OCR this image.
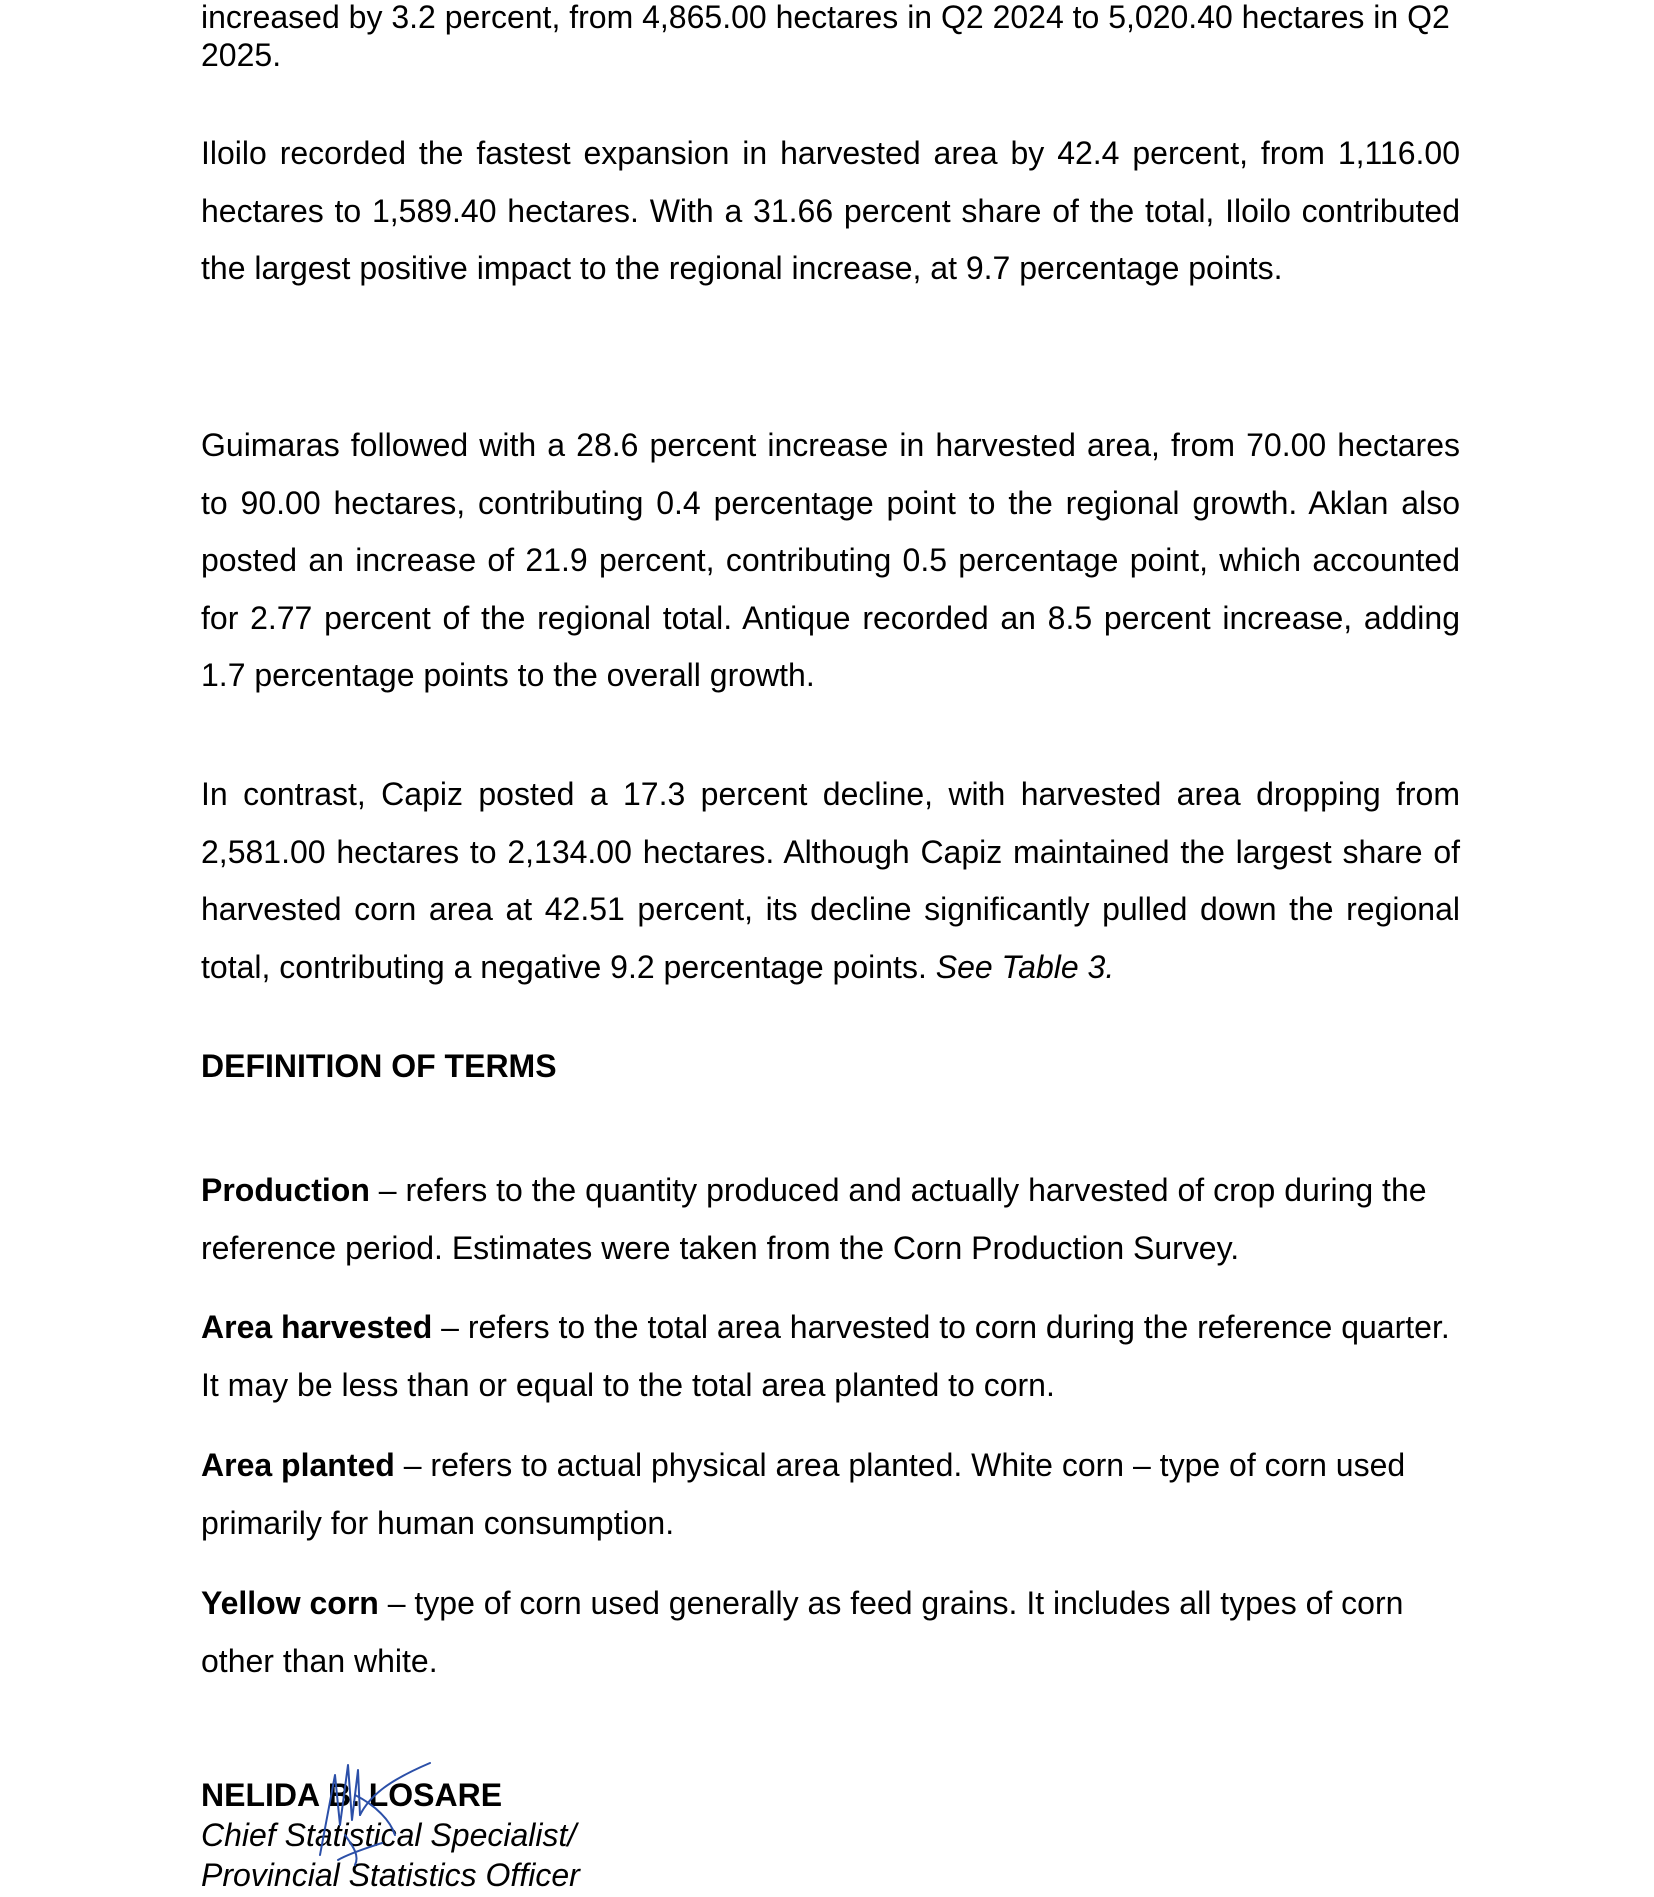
increased by 3.2 percent, from 4,865.00 hectares in Q2 2024 to 5,020.40 hectares in Q2 2025.

Iloilo recorded the fastest expansion in harvested area by 42.4 percent, from 1,116.00 hectares to 1,589.40 hectares. With a 31.66 percent share of the total, Iloilo contributed the largest positive impact to the regional increase, at 9.7 percentage points.

Guimaras followed with a 28.6 percent increase in harvested area, from 70.00 hectares to 90.00 hectares, contributing 0.4 percentage point to the regional growth. Aklan also posted an increase of 21.9 percent, contributing 0.5 percentage point, which accounted for 2.77 percent of the regional total. Antique recorded an 8.5 percent increase, adding 1.7 percentage points to the overall growth.

In contrast, Capiz posted a 17.3 percent decline, with harvested area dropping from 2,581.00 hectares to 2,134.00 hectares. Although Capiz maintained the largest share of harvested corn area at 42.51 percent, its decline significantly pulled down the regional total, contributing a negative 9.2 percentage points. See Table 3.

DEFINITION OF TERMS

Production – refers to the quantity produced and actually harvested of crop during the reference period. Estimates were taken from the Corn Production Survey.

Area harvested – refers to the total area harvested to corn during the reference quarter. It may be less than or equal to the total area planted to corn.

Area planted – refers to actual physical area planted. White corn – type of corn used primarily for human consumption.

Yellow corn – type of corn used generally as feed grains. It includes all types of corn other than white.

NELIDA B. LOSARE

Chief Statistical Specialist/

Provincial Statistics Officer
